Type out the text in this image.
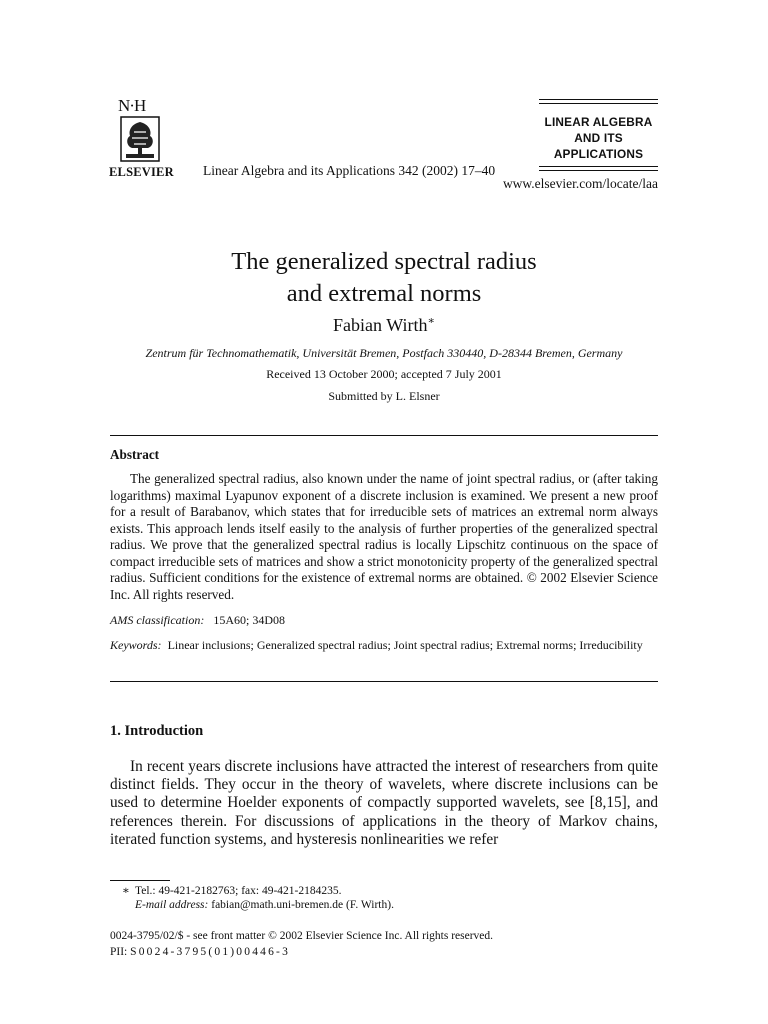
N·H
ELSEVIER Linear Algebra and its Applications 342 (2002) 17–40
LINEAR ALGEBRA
AND ITS
APPLICATIONS
www.elsevier.com/locate/laa
The generalized spectral radius
and extremal norms
Fabian Wirth∗
Zentrum für Technomathematik, Universität Bremen, Postfach 330440, D-28344 Bremen, Germany
Received 13 October 2000; accepted 7 July 2001
Submitted by L. Elsner
Abstract
The generalized spectral radius, also known under the name of joint spectral radius, or (after taking logarithms) maximal Lyapunov exponent of a discrete inclusion is examined. We present a new proof for a result of Barabanov, which states that for irreducible sets of matrices an extremal norm always exists. This approach lends itself easily to the analysis of further properties of the generalized spectral radius. We prove that the generalized spectral radius is locally Lipschitz continuous on the space of compact irreducible sets of matrices and show a strict monotonicity property of the generalized spectral radius. Sufficient conditions for the existence of extremal norms are obtained. © 2002 Elsevier Science Inc. All rights reserved.
AMS classification: 15A60; 34D08
Keywords: Linear inclusions; Generalized spectral radius; Joint spectral radius; Extremal norms; Irreducibility
1. Introduction
In recent years discrete inclusions have attracted the interest of researchers from quite distinct fields. They occur in the theory of wavelets, where discrete inclusions can be used to determine Hoelder exponents of compactly supported wavelets, see [8,15], and references therein. For discussions of applications in the theory of Markov chains, iterated function systems, and hysteresis nonlinearities we refer
∗ Tel.: 49-421-2182763; fax: 49-421-2184235.
E-mail address: fabian@math.uni-bremen.de (F. Wirth).
0024-3795/02/$ - see front matter © 2002 Elsevier Science Inc. All rights reserved.
PII: S0024-3795(01)00446-3
